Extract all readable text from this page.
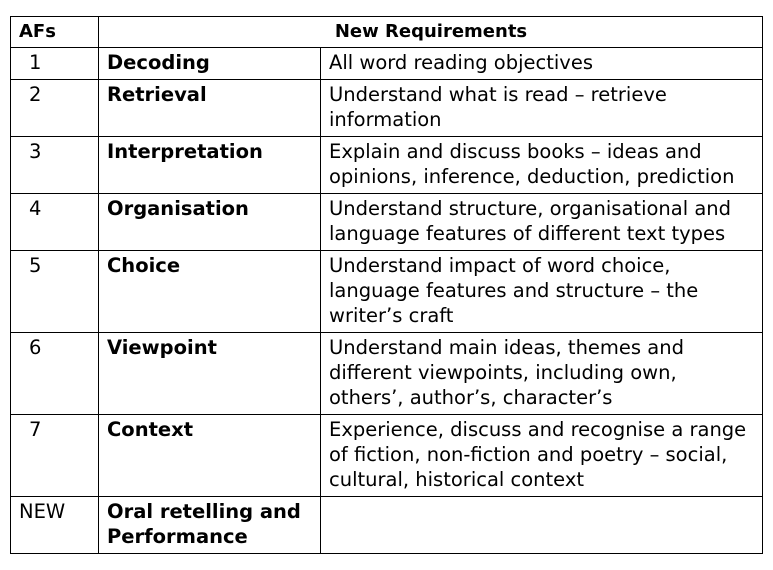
AFs	New Requirements	
1	Decoding	All word reading objectives
2	Retrieval	Understand what is read – retrieve information
3	Interpretation	Explain and discuss books – ideas and opinions, inference, deduction, prediction
4	Organisation	Understand structure, organisational and language features of different text types
5	Choice	Understand impact of word choice, language features and structure – the writer’s craft
6	Viewpoint	Understand main ideas, themes and different viewpoints, including own, others’, author’s, character’s
7	Context	Experience, discuss and recognise a range of fiction, non-fiction and poetry – social, cultural, historical context
NEW	Oral retelling and Performance	
